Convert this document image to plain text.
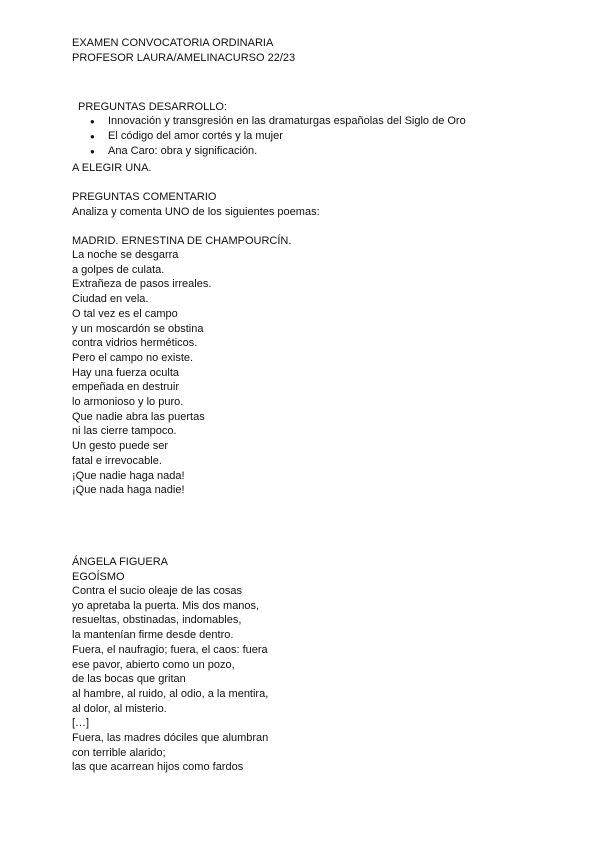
EXAMEN CONVOCATORIA ORDINARIA
PROFESOR LAURA/AMELINACURSO 22/23
PREGUNTAS DESARROLLO:
● Innovación y transgresión en las dramaturgas españolas del Siglo de Oro
● El código del amor cortés y la mujer
● Ana Caro: obra y significación.
A ELEGIR UNA.
PREGUNTAS COMENTARIO
Analiza y comenta UNO de los siguientes poemas:
MADRID. ERNESTINA DE CHAMPOURCÍN.
La noche se desgarra
a golpes de culata.
Extrañeza de pasos irreales.
Ciudad en vela.
O tal vez es el campo
y un moscardón se obstina
contra vidrios herméticos.
Pero el campo no existe.
Hay una fuerza oculta
empeñada en destruir
lo armonioso y lo puro.
Que nadie abra las puertas
ni las cierre tampoco.
Un gesto puede ser
fatal e irrevocable.
¡Que nadie haga nada!
¡Que nada haga nadie!
ÁNGELA FIGUERA
EGOÍSMO
Contra el sucio oleaje de las cosas
yo apretaba la puerta. Mis dos manos,
resueltas, obstinadas, indomables,
la mantenían firme desde dentro.
Fuera, el naufragio; fuera, el caos: fuera
ese pavor, abierto como un pozo,
de las bocas que gritan
al hambre, al ruido, al odio, a la mentira,
al dolor, al misterio.
[…]
Fuera, las madres dóciles que alumbran
con terrible alarido;
las que acarrean hijos como fardos
